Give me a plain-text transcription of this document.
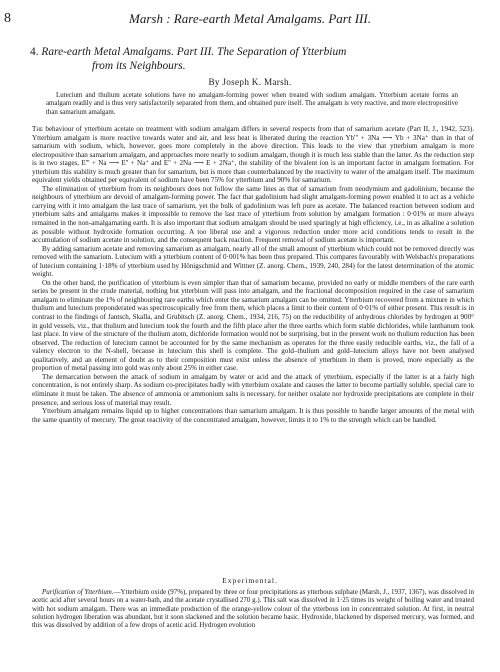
8	Marsh : Rare-earth Metal Amalgams. Part III.
4. Rare-earth Metal Amalgams. Part III. The Separation of Ytterbium
from its Neighbours.
By Joseph K. Marsh.

Lutecium and thulium acetate solutions have no amalgam-forming power when treated with sodium amalgam. Ytterbium acetate forms an amalgam readily and is thus very satisfactorily separated from them, and obtained pure itself. The amalgam is very reactive, and more electropositive than samarium amalgam.

The behaviour of ytterbium acetate on treatment with sodium amalgam differs in several respects from that of samarium acetate (Part II, J., 1942, 523). Ytterbium amalgam is more reactive towards water and air, and less heat is liberated during the reaction Yb''' + 3Na ⟶ Yb + 3Na⁺ than in that of samarium with sodium, which, however, goes more completely in the above direction. This leads to the view that ytterbium amalgam is more electropositive than samarium amalgam, and approaches more nearly to sodium amalgam, though it is much less stable than the latter. As the reduction step is in two stages, E''' + Na ⟶ E'' + Na⁺ and E'' + 2Na ⟶ E + 2Na⁺, the stability of the bivalent ion is an important factor in amalgam formation. For ytterbium this stability is much greater than for samarium, but is more than counterbalanced by the reactivity to water of the amalgam itself. The maximum equivalent yields obtained per equivalent of sodium have been 75% for ytterbium and 90% for samarium.

The elimination of ytterbium from its neighbours does not follow the same lines as that of samarium from neodymium and gadolinium, because the neighbours of ytterbium are devoid of amalgam-forming power. The fact that gadolinium had slight amalgam-forming power enabled it to act as a vehicle carrying with it into amalgam the last trace of samarium, yet the bulk of gadolinium was left pure as acetate. The balanced reaction between sodium and ytterbium salts and amalgams makes it impossible to remove the last trace of ytterbium from solution by amalgam formation : 0·01% or more always remained in the non-amalgamating earth. It is also important that sodium amalgam should be used sparingly at high efficiency, i.e., in as alkaline a solution as possible without hydroxide formation occurring. A too liberal use and a vigorous reduction under more acid conditions tends to result in the accumulation of sodium acetate in solution, and the consequent back reaction. Frequent removal of sodium acetate is important.

By adding samarium acetate and removing samarium as amalgam, nearly all of the small amount of ytterbium which could not be removed directly was removed with the samarium. Lutecium with a ytterbium content of 0·001% has been thus prepared. This compares favourably with Welsbach's preparations of lutecium containing 1·18% of ytterbium used by Hönigschmid and Wittner (Z. anorg. Chem., 1939, 240, 284) for the latest determination of the atomic weight.

On the other hand, the purification of ytterbium is even simpler than that of samarium because, provided no early or middle members of the rare earth series be present in the crude material, nothing but ytterbium will pass into amalgam, and the fractional decomposition required in the case of samarium amalgam to eliminate the 1% of neighbouring rare earths which enter the samarium amalgam can be omitted. Ytterbium recovered from a mixture in which thulium and lutecium preponderated was spectroscopically free from them, which places a limit to their content of 0·01% of either present. This result is in contrast to the findings of Jantsch, Skalla, and Grubitsch (Z. anorg. Chem., 1934, 216, 75) on the reducibility of anhydrous chlorides by hydrogen at 900° in gold vessels, viz., that thulium and lutecium took the fourth and the fifth place after the three earths which form stable dichlorides, while lanthanum took last place. In view of the structure of the thulium atom, dichloride formation would not be surprising, but in the present work no thulium reduction has been observed. The reduction of lutecium cannot be accounted for by the same mechanism as operates for the three easily reducible earths, viz., the fall of a valency electron to the N-shell, because in lutecium this shell is complete. The gold–thulium and gold–lutecium alloys have not been analysed qualitatively, and an element of doubt as to their composition must exist unless the absence of ytterbium in them is proved, more especially as the proportion of metal passing into gold was only about 25% in either case.

The demarcation between the attack of sodium in amalgam by water or acid and the attack of ytterbium, especially if the latter is at a fairly high concentration, is not entirely sharp. As sodium co-precipitates badly with ytterbium oxalate and causes the latter to become partially soluble, special care to eliminate it must be taken. The absence of ammonia or ammonium salts is necessary, for neither oxalate nor hydroxide precipitations are complete in their presence, and serious loss of material may result.

Ytterbium amalgam remains liquid up to higher concentrations than samarium amalgam. It is thus possible to handle larger amounts of the metal with the same quantity of mercury. The great reactivity of the concentrated amalgam, however, limits it to 1% to the strength which can be handled.

Experimental.

Purification of Ytterbium.—Ytterbium oxide (97%), prepared by three or four precipitations as ytterbous sulphate (Marsh, J., 1937, 1367), was dissolved in acetic acid after several hours on a water-bath, and the acetate crystallised 270 g.). This salt was dissolved in 1·25 times its weight of boiling water and treated with hot sodium amalgam. There was an immediate production of the orange-yellow colour of the ytterbous ion in concentrated solution. At first, in neutral solution hydrogen liberation was abundant, but it soon slackened and the solution became basic. Hydroxide, blackened by dispersed mercury, was formed, and this was dissolved by addition of a few drops of acetic acid. Hydrogen evolution
